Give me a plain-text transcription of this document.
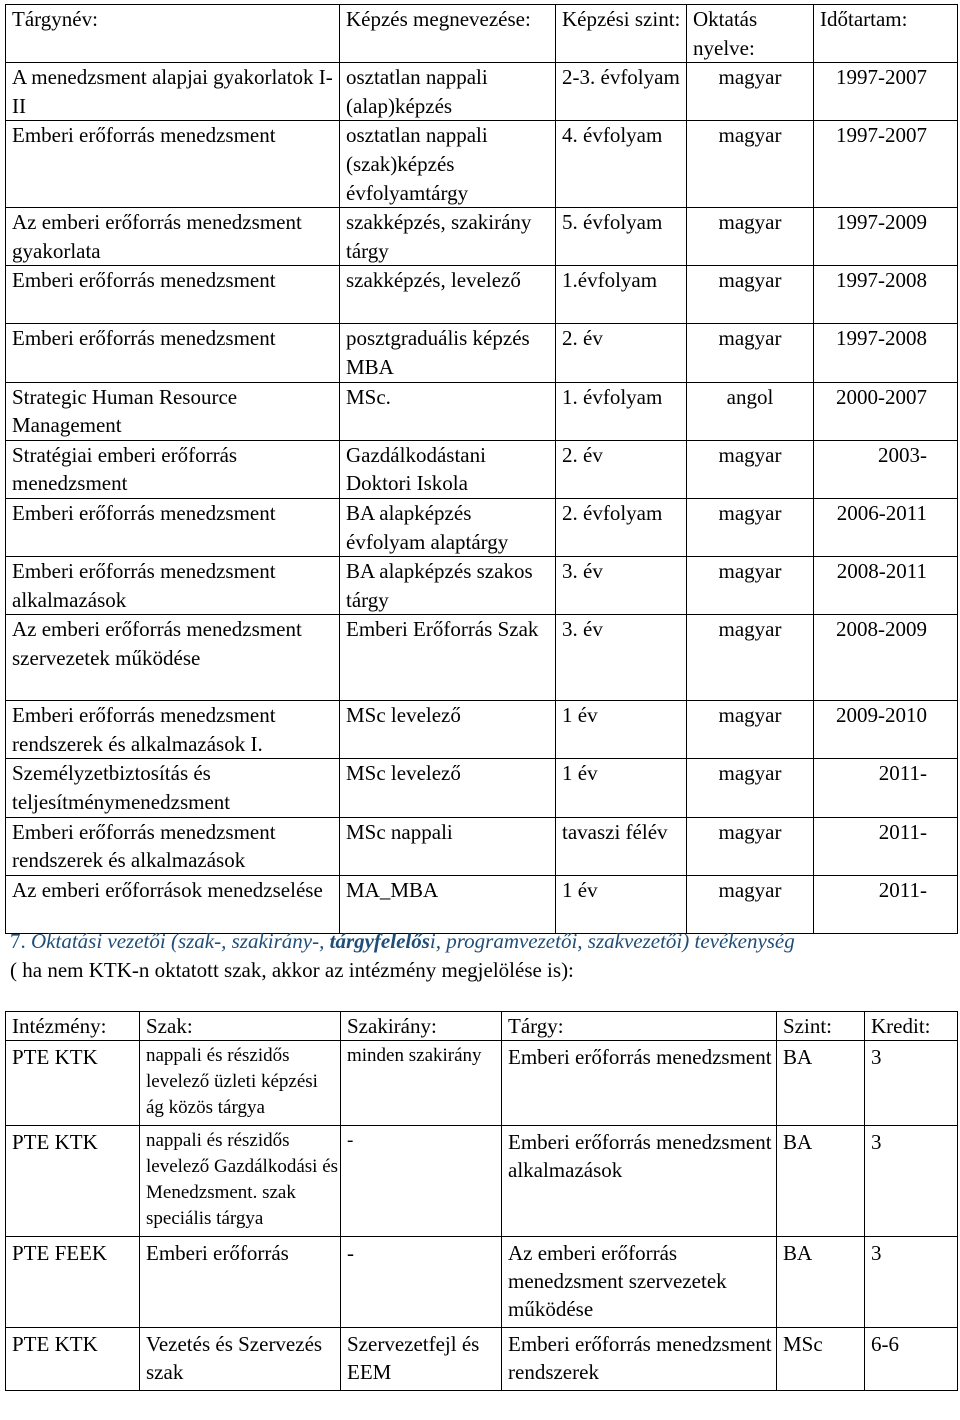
Tárgynév:	Képzés megnevezése:	Képzési szint:	Oktatás nyelve:	Időtartam:
A menedzsment alapjai gyakorlatok I-II	osztatlan nappali (alap)képzés	2-3. évfolyam	magyar	1997-2007
Emberi erőforrás menedzsment	osztatlan nappali (szak)képzés évfolyamtárgy	4. évfolyam	magyar	1997-2007
Az emberi erőforrás menedzsment gyakorlata	szakképzés, szakirány tárgy	5. évfolyam	magyar	1997-2009
Emberi erőforrás menedzsment	szakképzés, levelező	1.évfolyam	magyar	1997-2008
Emberi erőforrás menedzsment	posztgraduális képzés MBA	2. év	magyar	1997-2008
Strategic Human Resource Management	MSc.	1. évfolyam	angol	2000-2007
Stratégiai emberi erőforrás menedzsment	Gazdálkodástani Doktori Iskola	2. év	magyar	2003-
Emberi erőforrás menedzsment	BA alapképzés évfolyam alaptárgy	2. évfolyam	magyar	2006-2011
Emberi erőforrás menedzsment alkalmazások	BA alapképzés szakos tárgy	3. év	magyar	2008-2011
Az emberi erőforrás menedzsment szervezetek működése	Emberi Erőforrás Szak	3. év	magyar	2008-2009
Emberi erőforrás menedzsment rendszerek és alkalmazások I.	MSc levelező	1 év	magyar	2009-2010
Személyzetbiztosítás és teljesítménymenedzsment	MSc levelező	1 év	magyar	2011-
Emberi erőforrás menedzsment rendszerek és alkalmazások	MSc nappali	tavaszi félév	magyar	2011-
Az emberi erőforrások menedzselése	MA_MBA	1 év	magyar	2011-
7. Oktatási vezetői (szak-, szakirány-, tárgyfelelősi, programvezetői, szakvezetői) tevékenység
( ha nem KTK-n oktatott szak, akkor az intézmény megjelölése is):
Intézmény:	Szak:	Szakirány:	Tárgy:	Szint:	Kredit:
PTE KTK	nappali és részidős levelező üzleti képzési ág közös tárgya	minden szakirány	Emberi erőforrás menedzsment	BA	3
PTE KTK	nappali és részidős levelező Gazdálkodási és Menedzsment. szak speciális tárgya	-	Emberi erőforrás menedzsment alkalmazások	BA	3
PTE FEEK	Emberi erőforrás	-	Az emberi erőforrás menedzsment szervezetek működése	BA	3
PTE KTK	Vezetés és Szervezés szak	Szervezetfejl és EEM	Emberi erőforrás menedzsment rendszerek	MSc	6-6
